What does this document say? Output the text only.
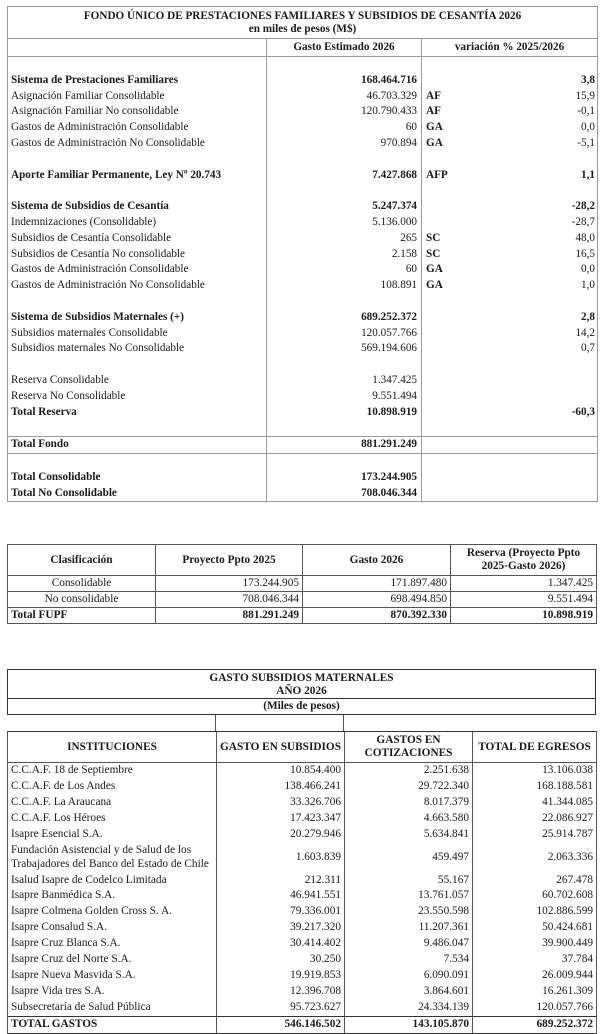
FONDO ÚNICO DE PRESTACIONES FAMILIARES Y SUBSIDIOS DE CESANTÍA 2026
en miles de pesos (M$)			

	Gasto Estimado 2026	variación % 2025/2026	

Sistema de Prestaciones Familiares	168.464.716		3,8
Asignación Familiar Consolidable	46.703.329	AF	15,9
Asignación Familiar No consolidable	120.790.433	AF	-0,1
Gastos de Administración Consolidable	60	GA	0,0
Gastos de Administración No Consolidable	970.894	GA	-5,1

Aporte Familiar Permanente, Ley Nº 20.743	7.427.868	AFP	1,1

Sistema de Subsidios de Cesantía	5.247.374		-28,2
Indemnizaciones (Consolidable)	5.136.000		-28,7
Subsidios de Cesantía Consolidable	265	SC	48,0
Subsidios de Cesantía No consolidable	2.158	SC	16,5
Gastos de Administración Consolidable	60	GA	0,0
Gastos de Administración No Consolidable	108.891	GA	1,0

Sistema de Subsidios Maternales (+)	689.252.372		2,8
Subsidios maternales Consolidable	120.057.766		14,2
Subsidios maternales No Consolidable	569.194.606		0,7

Reserva Consolidable	1.347.425		
Reserva No Consolidable	9.551.494		
Total Reserva	10.898.919		-60,3

Total Fondo	881.291.249		

Total Consolidable	173.244.905		
Total No Consolidable	708.046.344		
Clasificación	Proyecto Ppto 2025	Gasto 2026	Reserva (Proyecto Ppto 2025-Gasto 2026)
Consolidable	173.244.905	171.897.480	1.347.425
No consolidable	708.046.344	698.494.850	9.551.494
Total FUPF	881.291.249	870.392.330	10.898.919
GASTO SUBSIDIOS MATERNALES
AÑO 2026
(Miles de pesos)
INSTITUCIONES	GASTO EN SUBSIDIOS	GASTOS EN COTIZACIONES	TOTAL DE EGRESOS
C.C.A.F. 18 de Septiembre	10.854.400	2.251.638	13.106.038
C.C.A.F. de Los Andes	138.466.241	29.722.340	168.188.581
C.C.A.F. La Araucana	33.326.706	8.017.379	41.344.085
C.C.A.F. Los Héroes	17.423.347	4.663.580	22.086.927
Isapre Esencial S.A.	20.279.946	5.634.841	25.914.787
Fundación Asistencial y de Salud de los Trabajadores del Banco del Estado de Chile	1.603.839	459.497	2.063.336
Isalud Isapre de Codelco Limitada	212.311	55.167	267.478
Isapre Banmédica S.A.	46.941.551	13.761.057	60.702.608
Isapre Colmena Golden Cross S. A.	79.336.001	23.550.598	102.886.599
Isapre Consalud S.A.	39.217.320	11.207.361	50.424.681
Isapre Cruz Blanca S.A.	30.414.402	9.486.047	39.900.449
Isapre Cruz del Norte S.A.	30.250	7.534	37.784
Isapre Nueva Masvida S.A.	19.919.853	6.090.091	26.009.944
Isapre Vida tres S.A.	12.396.708	3.864.601	16.261.309
Subsecretaría de Salud Pública	95.723.627	24.334.139	120.057.766
TOTAL GASTOS	546.146.502	143.105.870	689.252.372
